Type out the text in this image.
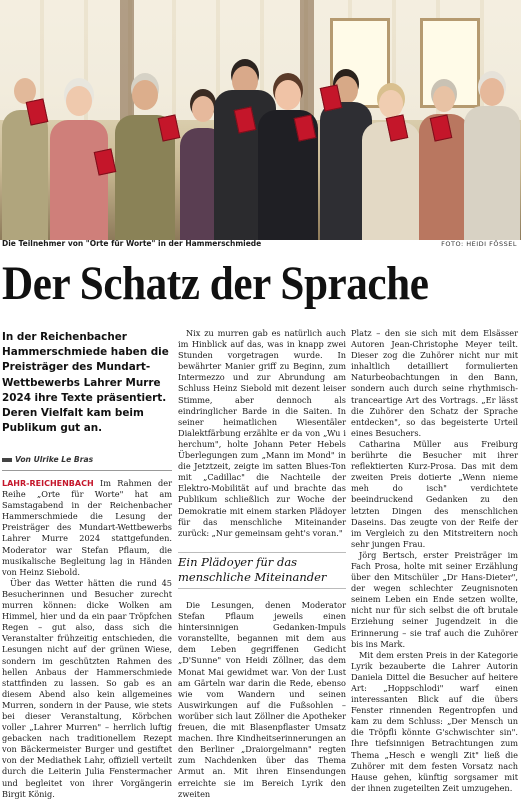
Die Teilnehmer von "Orte für Worte" in der Hammerschmiede	FOTO: HEIDI FÖSSEL
Der Schatz der Sprache
In der Reichenbacher Hammerschmiede haben die Preisträger des Mundart-Wettbewerbs Lahrer Murre 2024 ihre Texte präsentiert. Deren Vielfalt kam beim Publikum gut an.
Von Ulrike Le Bras

LAHR-REICHENBACH Im Rahmen der Reihe „Orte für Worte" hat am Samstagabend in der Reichenbacher Hammerschmiede die Lesung der Preisträger des Mundart-Wettbewerbs Lahrer Murre 2024 stattgefunden. Moderator war Stefan Pflaum, die musikalische Begleitung lag in Händen von Heinz Siebold.

Über das Wetter hätten die rund 45 Besucherinnen und Besucher zurecht murren können: dicke Wolken am Himmel, hier und da ein paar Tröpfchen Regen – gut also, dass sich die Veranstalter frühzeitig entschieden, die Lesungen nicht auf der grünen Wiese, sondern im geschützten Rahmen des hellen Anbaus der Hammerschmiede stattfinden zu lassen. So gab es an diesem Abend also kein allgemeines Murren, sondern in der Pause, wie stets bei dieser Veranstaltung, Körbchen voller „Lahrer Murren" – herrlich luftig gebacken nach traditionellem Rezept von Bäckermeister Burger und gestiftet von der Mediathek Lahr, offiziell verteilt durch die Leiterin Julia Fenstermacher und begleitet von ihrer Vorgängerin Birgit König.

Nix zu murren gab es natürlich auch im Hinblick auf das, was in knapp zwei Stunden vorgetragen wurde. In bewährter Manier griff zu Beginn, zum Intermezzo und zur Abrundung am Schluss Heinz Siebold mit dezent leiser Stimme, aber dennoch als eindringlicher Barde in die Saiten. In seiner heimatlichen Wiesentäler Dialektfärbung erzählte er da von „Wu i herchum", holte Johann Peter Hebels Überlegungen zum „Mann im Mond" in die Jetztzeit, zeigte im satten Blues-Ton mit „Cadillac" die Nachteile der Elektro-Mobilität auf und brachte das Publikum schließlich zur Woche der Demokratie mit einem starken Plädoyer für das menschliche Miteinander zurück: „Nur gemeinsam geht's voran."

Ein Plädoyer für das menschliche Miteinander

Die Lesungen, denen Moderator Stefan Pflaum jeweils einen hintersinnigen Gedanken-Impuls voranstellte, begannen mit dem aus dem Leben gegriffenen Gedicht „D'Sunne" von Heidi Zöllner, das dem Monat Mai gewidmet war. Von der Lust am Gärteln war darin die Rede, ebenso wie vom Wandern und seinen Auswirkungen auf die Fußsohlen – worüber sich laut Zöllner die Apotheker freuen, die mit Blasenpflaster Umsatz machen. Ihre Kindheitserinnerungen an den Berliner „Draiorgelmann" regten zum Nachdenken über das Thema Armut an. Mit ihren Einsendungen erreichte sie im Bereich Lyrik den zweiten

Platz – den sie sich mit dem Elsässer Autoren Jean-Christophe Meyer teilt. Dieser zog die Zuhörer nicht nur mit inhaltlich detailliert formulierten Naturbeobachtungen in den Bann, sondern auch durch seine rhythmisch-tranceartige Art des Vortrags. „Er lässt die Zuhörer den Schatz der Sprache entdecken", so das begeisterte Urteil eines Besuchers.

Catharina Müller aus Freiburg berührte die Besucher mit ihrer reflektierten Kurz-Prosa. Das mit dem zweiten Preis dotierte „Wenn nieme meh do isch" verdichtete beeindruckend Gedanken zu den letzten Dingen des menschlichen Daseins. Das zeugte von der Reife der im Vergleich zu den Mitstreitern noch sehr jungen Frau.

Jörg Bertsch, erster Preisträger im Fach Prosa, holte mit seiner Erzählung über den Mitschüler „Dr Hans-Dieter", der wegen schlechter Zeugnisnoten seinem Leben ein Ende setzen wollte, nicht nur für sich selbst die oft brutale Erziehung seiner Jugendzeit in die Erinnerung – sie traf auch die Zuhörer bis ins Mark.

Mit dem ersten Preis in der Kategorie Lyrik bezauberte die Lahrer Autorin Daniela Dittel die Besucher auf heitere Art: „Hoppschlodi" warf einen interessanten Blick auf die übers Fenster rinnenden Regentropfen und kam zu dem Schluss: „Der Mensch un die Tröpfli könnte G'schwischter sin". Ihre tiefsinnigen Betrachtungen zum Thema „Hesch e wengli Zit" ließ die Zuhörer mit dem festen Vorsatz nach Hause gehen, künftig sorgsamer mit der ihnen zugeteilten Zeit umzugehen.
